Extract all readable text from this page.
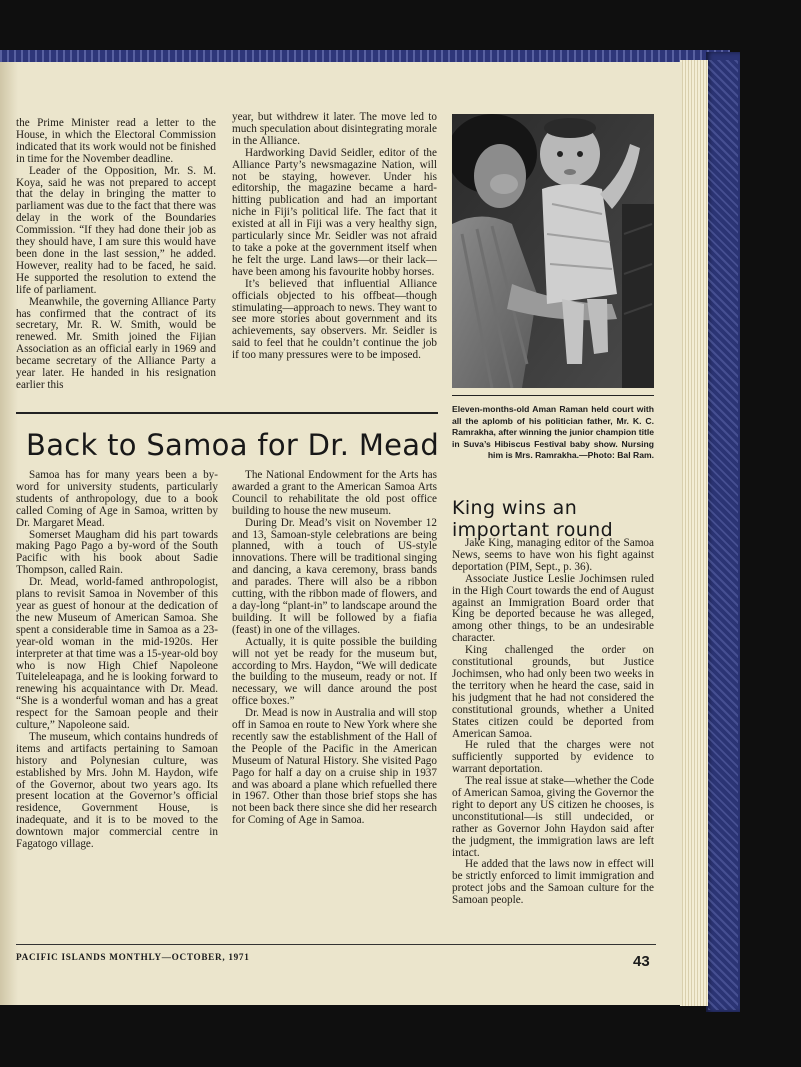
the Prime Minister read a letter to the House, in which the Electoral Commission indicated that its work would not be finished in time for the November deadline.

Leader of the Opposition, Mr. S. M. Koya, said he was not prepared to accept that the delay in bringing the matter to parliament was due to the fact that there was delay in the work of the Boundaries Commission. “If they had done their job as they should have, I am sure this would have been done in the last session,” he added. However, reality had to be faced, he said. He supported the resolution to extend the life of parliament.

Meanwhile, the governing Alliance Party has confirmed that the contract of its secretary, Mr. R. W. Smith, would be renewed. Mr. Smith joined the Fijian Association as an official early in 1969 and became secretary of the Alliance Party a year later. He handed in his resignation earlier this

year, but withdrew it later. The move led to much speculation about disintegrating morale in the Alliance.

Hardworking David Seidler, editor of the Alliance Party’s newsmagazine Nation, will not be staying, however. Under his editorship, the magazine became a hard-hitting publication and had an important niche in Fiji’s political life. The fact that it existed at all in Fiji was a very healthy sign, particularly since Mr. Seidler was not afraid to take a poke at the government itself when he felt the urge. Land laws—or their lack—have been among his favourite hobby horses.

It’s believed that influential Alliance officials objected to his offbeat—though stimulating—approach to news. They want to see more stories about government and its achievements, say observers. Mr. Seidler is said to feel that he couldn’t continue the job if too many pressures were to be imposed.

Eleven-months-old Aman Raman held court with all the aplomb of his politician father, Mr. K. C. Ramrakha, after winning the junior champion title in Suva’s Hibiscus Festival baby show. Nursing him is Mrs. Ramrakha.—Photo: Bal Ram.
Back to Samoa for Dr. Mead

Samoa has for many years been a by-word for university students, particularly students of anthropology, due to a book called Coming of Age in Samoa, written by Dr. Margaret Mead.

Somerset Maugham did his part towards making Pago Pago a by-word of the South Pacific with his book about Sadie Thompson, called Rain.

Dr. Mead, world-famed anthropologist, plans to revisit Samoa in November of this year as guest of honour at the dedication of the new Museum of American Samoa. She spent a considerable time in Samoa as a 23-year-old woman in the mid-1920s. Her interpreter at that time was a 15-year-old boy who is now High Chief Napoleone Tuiteleleapaga, and he is looking forward to renewing his acquaintance with Dr. Mead. “She is a wonderful woman and has a great respect for the Samoan people and their culture,” Napoleone said.

The museum, which contains hundreds of items and artifacts pertaining to Samoan history and Polynesian culture, was established by Mrs. John M. Haydon, wife of the Governor, about two years ago. Its present location at the Governor’s official residence, Government House, is inadequate, and it is to be moved to the downtown major commercial centre in Fagatogo village.

The National Endowment for the Arts has awarded a grant to the American Samoa Arts Council to rehabilitate the old post office building to house the new museum.

During Dr. Mead’s visit on November 12 and 13, Samoan-style celebrations are being planned, with a touch of US-style innovations. There will be traditional singing and dancing, a kava ceremony, brass bands and parades. There will also be a ribbon cutting, with the ribbon made of flowers, and a day-long “plant-in” to landscape around the building. It will be followed by a fiafia (feast) in one of the villages.

Actually, it is quite possible the building will not yet be ready for the museum but, according to Mrs. Haydon, “We will dedicate the building to the museum, ready or not. If necessary, we will dance around the post office boxes.”

Dr. Mead is now in Australia and will stop off in Samoa en route to New York where she recently saw the establishment of the Hall of the People of the Pacific in the American Museum of Natural History. She visited Pago Pago for half a day on a cruise ship in 1937 and was aboard a plane which refuelled there in 1967. Other than those brief stops she has not been back there since she did her research for Coming of Age in Samoa.

King wins an
important round

Jake King, managing editor of the Samoa News, seems to have won his fight against deportation (PIM, Sept., p. 36).

Associate Justice Leslie Jochimsen ruled in the High Court towards the end of August against an Immigration Board order that King be deported because he was alleged, among other things, to be an undesirable character.

King challenged the order on constitutional grounds, but Justice Jochimsen, who had only been two weeks in the territory when he heard the case, said in his judgment that he had not considered the constitutional grounds, whether a United States citizen could be deported from American Samoa.

He ruled that the charges were not sufficiently supported by evidence to warrant deportation.

The real issue at stake—whether the Code of American Samoa, giving the Governor the right to deport any US citizen he chooses, is unconstitutional—is still undecided, or rather as Governor John Haydon said after the judgment, the immigration laws are left intact.

He added that the laws now in effect will be strictly enforced to limit immigration and protect jobs and the Samoan culture for the Samoan people.

PACIFIC ISLANDS MONTHLY—OCTOBER, 1971	43
